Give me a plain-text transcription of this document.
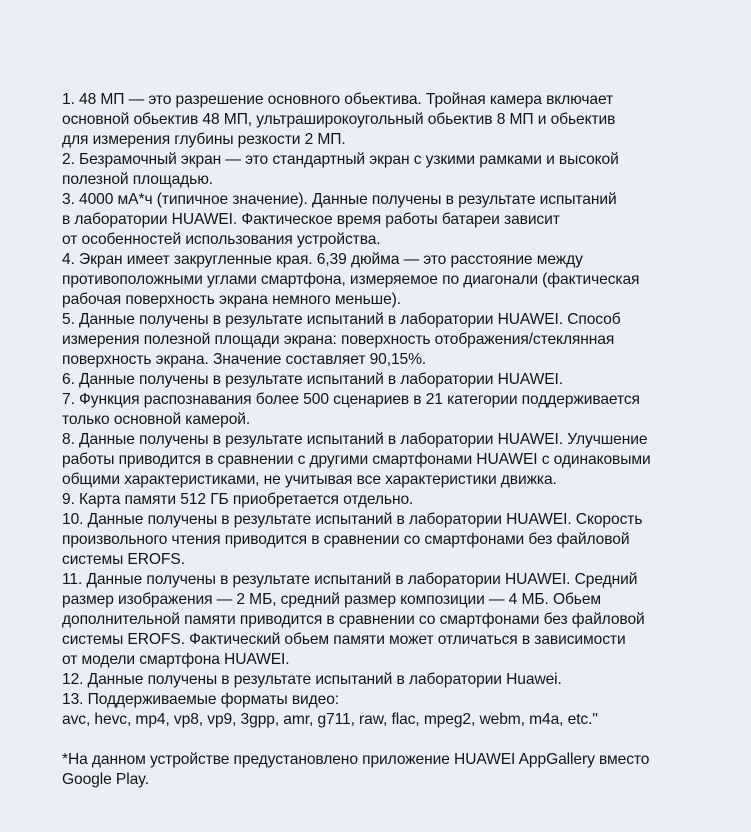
1. 48 МП — это разрешение основного обьектива. Тройная камера включает
основной обьектив 48 МП, ультраширокоугольный обьектив 8 МП и обьектив
для измерения глубины резкости 2 МП.
2. Безрамочный экран — это стандартный экран с узкими рамками и высокой
полезной площадью.
3. 4000 мА*ч (типичное значение). Данные получены в результате испытаний
в лаборатории HUAWEI. Фактическое время работы батареи зависит
от особенностей использования устройства.
4. Экран имеет закругленные края. 6,39 дюйма — это расстояние между
противоположными углами смартфона, измеряемое по диагонали (фактическая
рабочая поверхность экрана немного меньше).
5. Данные получены в результате испытаний в лаборатории HUAWEI. Способ
измерения полезной площади экрана: поверхность отображения/стеклянная
поверхность экрана. Значение составляет 90,15%.
6. Данные получены в результате испытаний в лаборатории HUAWEI.
7. Функция распознавания более 500 сценариев в 21 категории поддерживается
только основной камерой.
8. Данные получены в результате испытаний в лаборатории HUAWEI. Улучшение
работы приводится в сравнении с другими смартфонами HUAWEI с одинаковыми
общими характеристиками, не учитывая все характеристики движка.
9. Карта памяти 512 ГБ приобретается отдельно.
10. Данные получены в результате испытаний в лаборатории HUAWEI. Скорость
произвольного чтения приводится в сравнении со смартфонами без файловой
системы EROFS.
11. Данные получены в результате испытаний в лаборатории HUAWEI. Средний
размер изображения — 2 МБ, средний размер композиции — 4 МБ. Обьем
дополнительной памяти приводится в сравнении со смартфонами без файловой
системы EROFS. Фактический обьем памяти может отличаться в зависимости
от модели смартфона HUAWEI.
12. Данные получены в результате испытаний в лаборатории Huawei.
13. Поддерживаемые форматы видео:
avc, hevc, mp4, vp8, vp9, 3gpp, amr, g711, raw, flac, mpeg2, webm, m4a, etc."
*На данном устройстве предустановлено приложение HUAWEI AppGallery вместо
Google Play.
